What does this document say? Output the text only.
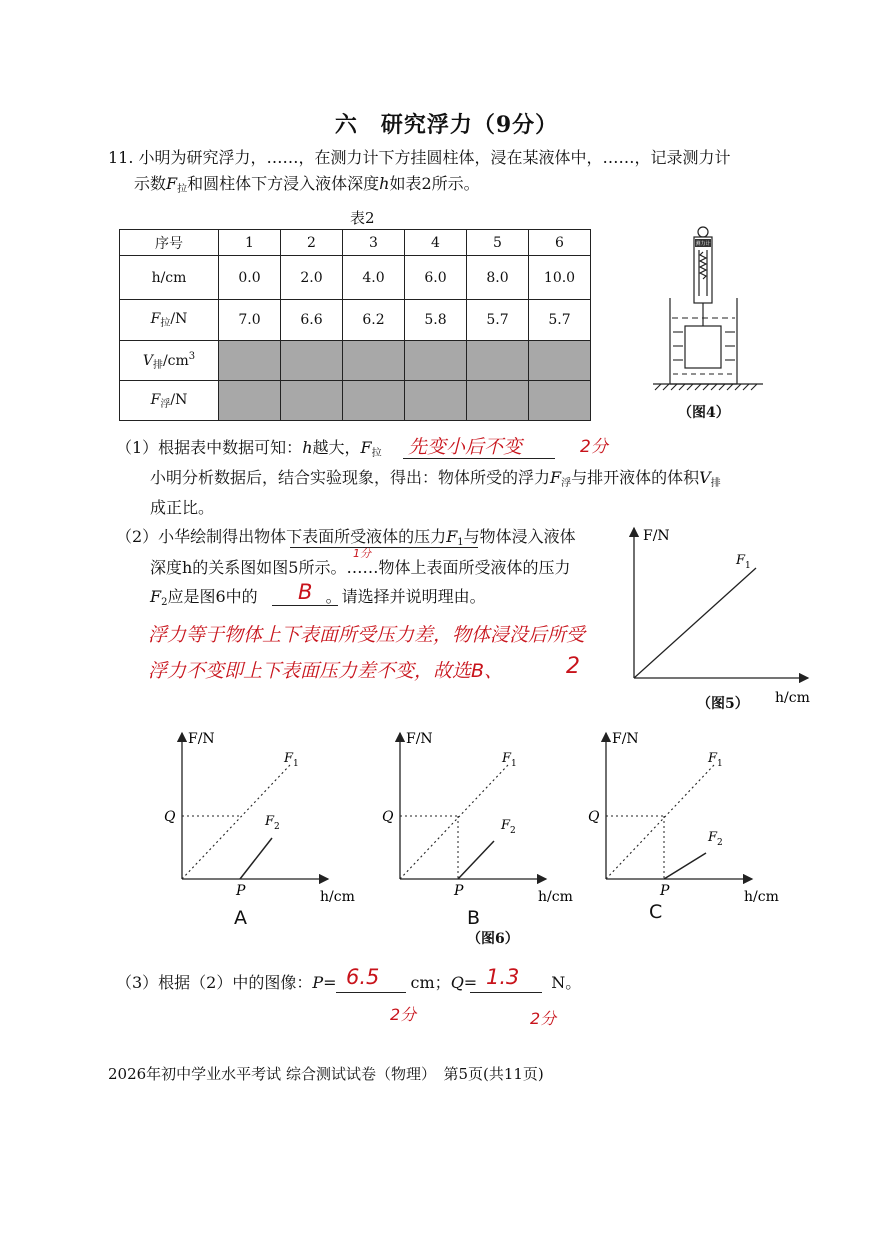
六　研究浮力（9分）
11. 小明为研究浮力，……，在测力计下方挂圆柱体，浸在某液体中，……，记录测力计
示数$F_拉$和圆柱体下方浸入液体深度h如表2所示。
表2
序号	1	2	3	4	5	6
h/cm	0.0	2.0	4.0	6.0	8.0	10.0
$F_拉/N$	7.0	6.6	6.2	5.8	5.7	5.7
$V_排/cm^3$						
$F_浮/N$						
测力计
（图4）
（1）根据表中数据可知：h越大，$F_拉$ 先变小后不变	2分
小明分析数据后，结合实验现象，得出：物体所受的浮力$F_浮$与排开液体的体积$V_排$
成正比。
（2）小华绘制得出物体下表面所受液体的压力$F_1$与物体浸入液体
深度h的关系图如图5所示。……物体上表面所受液体的压力
1分
$F_2$应是图6中的	。请选择并说明理由。
B
浮力等于物体上下表面所受压力差，物体浸没后所受
浮力不变即上下表面压力差不变，故选B、	2
F/N
h/cm
F 1
（图5）
F/N
Q
P	h/cm
F 1
F 2
F/N
Q
P	h/cm
F 1
F 2
F/N
Q
P	h/cm
F 1
F 2
A	B	C
（图6）
（3）根据（2）中的图像：P=	cm；Q=	N。
6.5	1.3
2分	2分
2026年初中学业水平考试 综合测试试卷（物理）　第5页(共11页)
